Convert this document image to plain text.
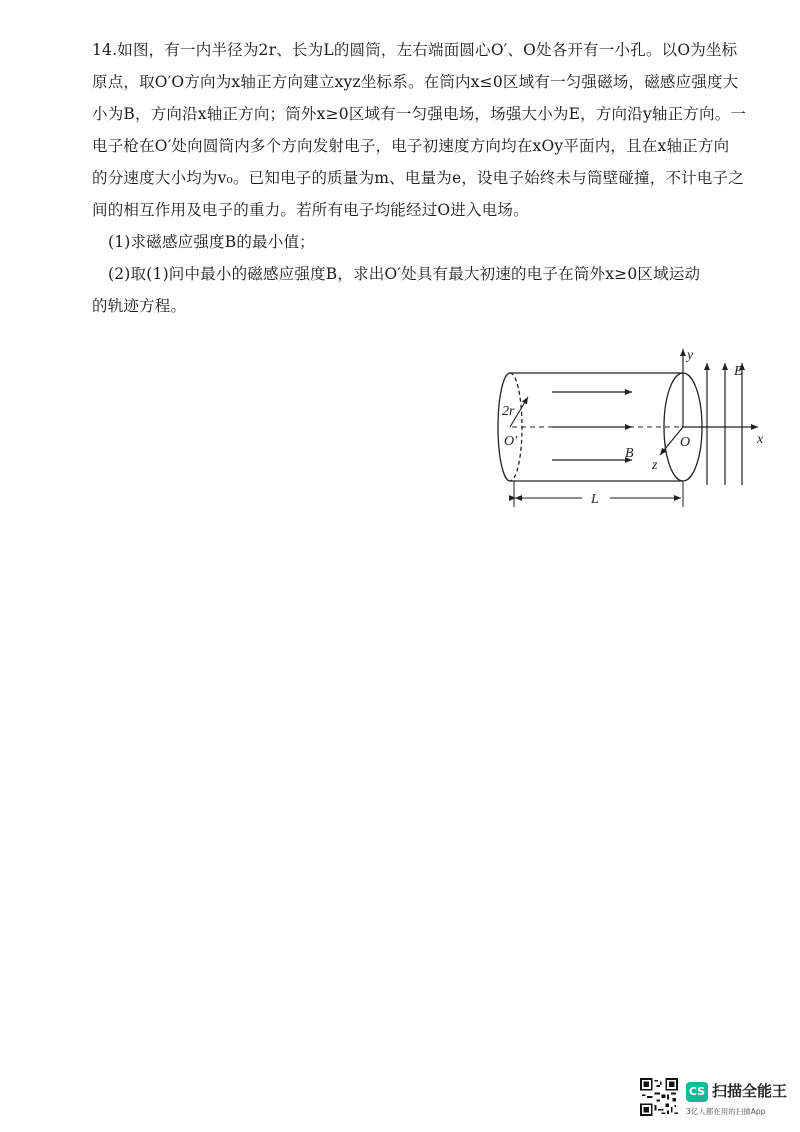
14.如图，有一内半径为2r、长为L的圆筒，左右端面圆心O′、O处各开有一小孔。以O为坐标
原点，取O′O方向为x轴正方向建立xyz坐标系。在筒内x≤0区域有一匀强磁场，磁感应强度大
小为B，方向沿x轴正方向；筒外x≥0区域有一匀强电场，场强大小为E，方向沿y轴正方向。一
电子枪在O′处向圆筒内多个方向发射电子，电子初速度方向均在xOy平面内，且在x轴正方向
的分速度大小均为v₀。已知电子的质量为m、电量为e，设电子始终未与筒壁碰撞，不计电子之
间的相互作用及电子的重力。若所有电子均能经过O进入电场。
(1)求磁感应强度B的最小值；
(2)取(1)问中最小的磁感应强度B，求出O′处具有最大初速的电子在筒外x≥0区域运动
的轨迹方程。
2r
O′	O
B
z
y
x
E
L
CS 扫描全能王
3亿人都在用的扫描App
